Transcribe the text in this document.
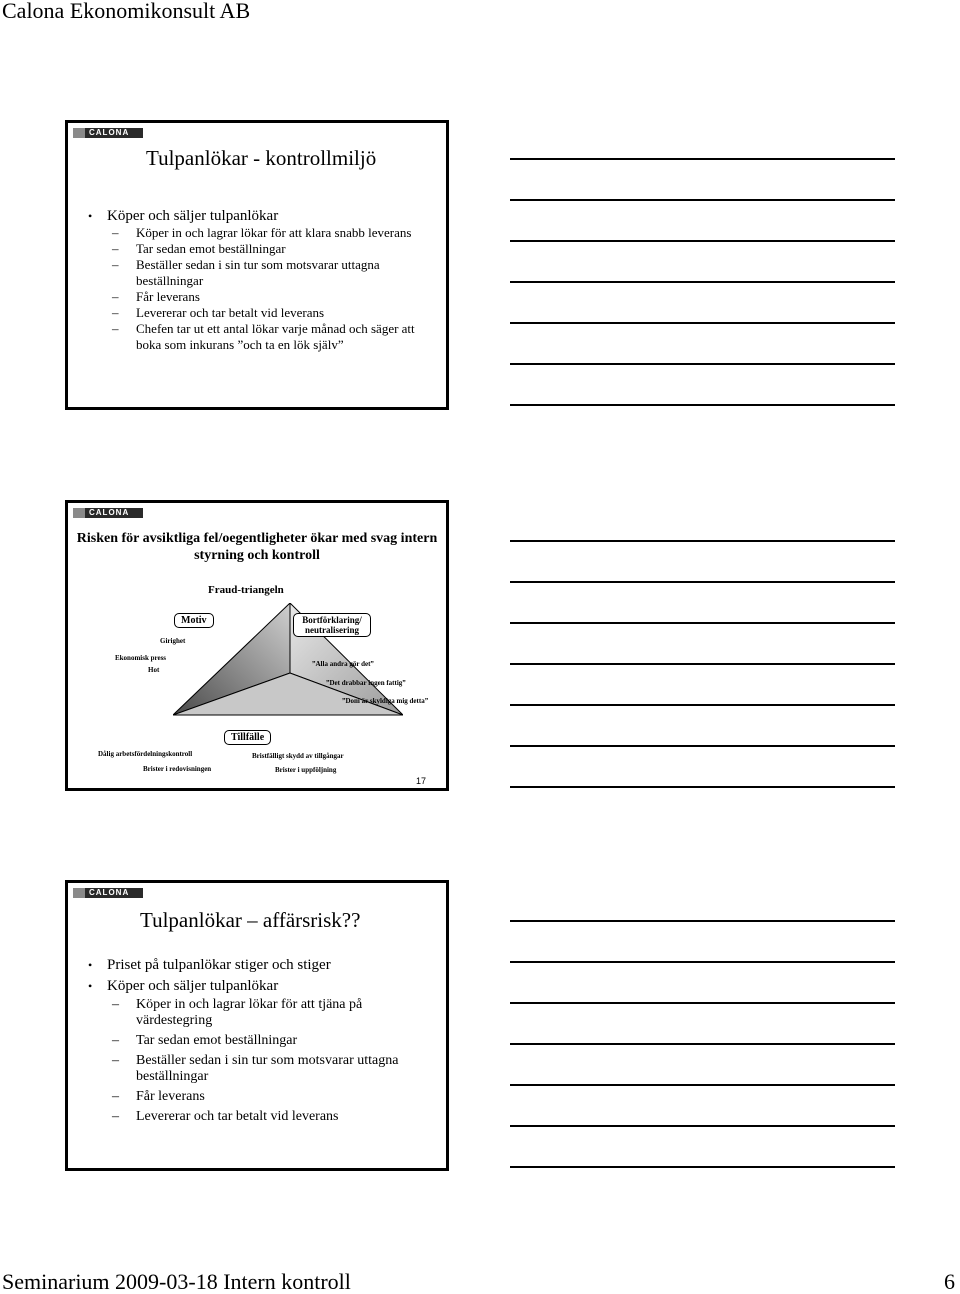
Calona Ekonomikonsult AB
CALONA
Tulpanlökar - kontrollmiljö
• Köper och säljer tulpanlökar
– Köper in och lagrar lökar för att klara snabb leverans
– Tar sedan emot beställningar
– Beställer sedan i sin tur som motsvarar uttagna beställningar
– Får leverans
– Levererar och tar betalt vid leverans
– Chefen tar ut ett antal lökar varje månad och säger att boka som inkurans ”och ta en lök själv”
CALONA
Risken för avsiktliga fel/oegentligheter ökar med svag intern styrning och kontroll
Fraud-triangeln
Motiv
Girighet
Ekonomisk press
Hot
Bortförklaring/ neutralisering
”Alla andra gör det”
”Det drabbar ingen fattig”
”Dom är skyldiga mig detta”
Tillfälle
Dålig arbetsfördelningskontroll	Bristfälligt skydd av tillgångar
Brister i redovisningen	Brister i uppföljning
17
CALONA
Tulpanlökar – affärsrisk??
• Priset på tulpanlökar stiger och stiger
• Köper och säljer tulpanlökar
– Köper in och lagrar lökar för att tjäna på värdestegring
– Tar sedan emot beställningar
– Beställer sedan i sin tur som motsvarar uttagna beställningar
– Får leverans
– Levererar och tar betalt vid leverans
Seminarium 2009-03-18 Intern kontroll	6
